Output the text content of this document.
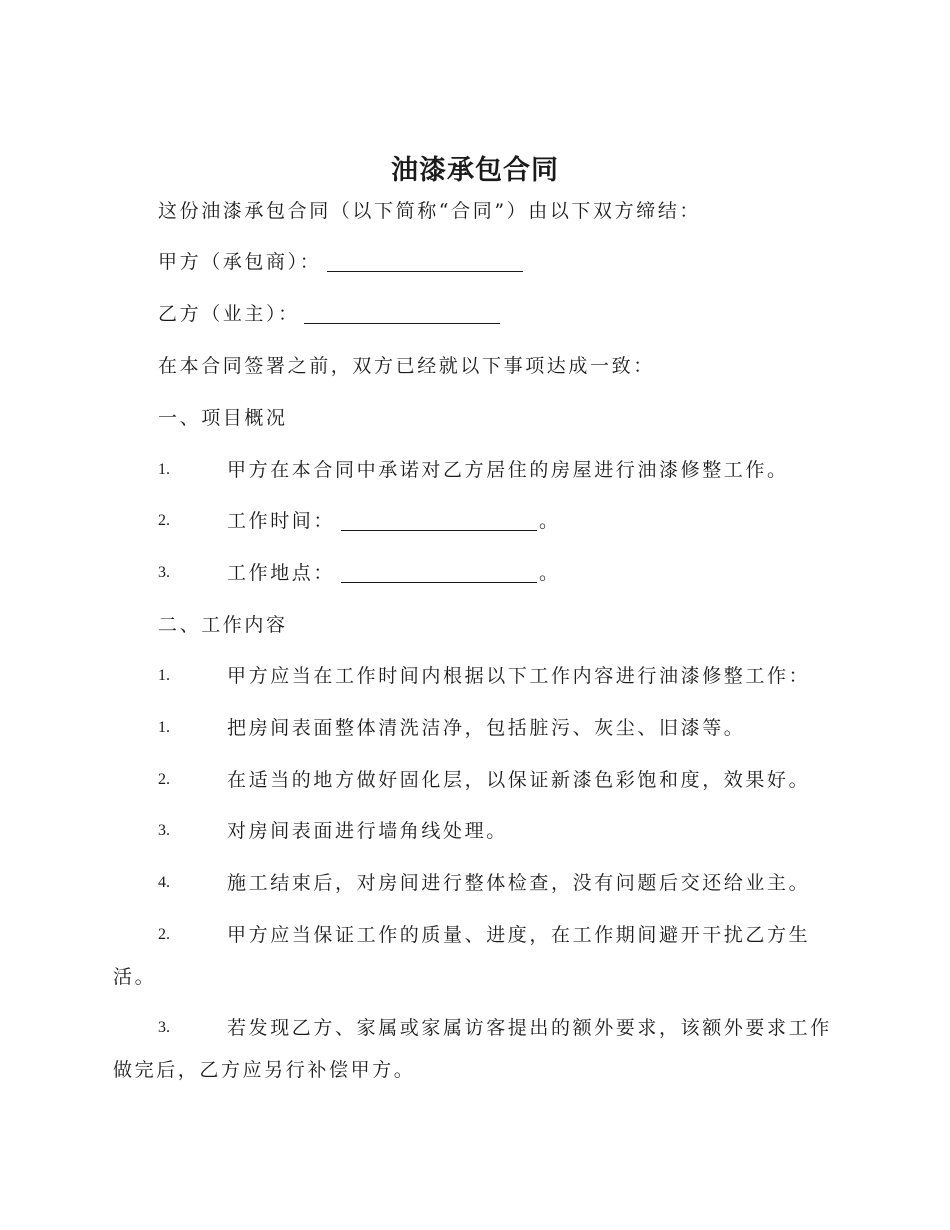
油漆承包合同
这份油漆承包合同（以下简称“合同”）由以下双方缔结：
甲方（承包商）：
乙方（业主）：
在本合同签署之前，双方已经就以下事项达成一致：
一、项目概况
1.	甲方在本合同中承诺对乙方居住的房屋进行油漆修整工作。
2.	工作时间：	。
3.	工作地点：	。
二、工作内容
1.	甲方应当在工作时间内根据以下工作内容进行油漆修整工作：
1.	把房间表面整体清洗洁净，包括脏污、灰尘、旧漆等。
2.	在适当的地方做好固化层，以保证新漆色彩饱和度，效果好。
3.	对房间表面进行墙角线处理。
4.	施工结束后，对房间进行整体检查，没有问题后交还给业主。
2.	甲方应当保证工作的质量、进度，在工作期间避开干扰乙方生
活。
3.	若发现乙方、家属或家属访客提出的额外要求，该额外要求工作
做完后，乙方应另行补偿甲方。
